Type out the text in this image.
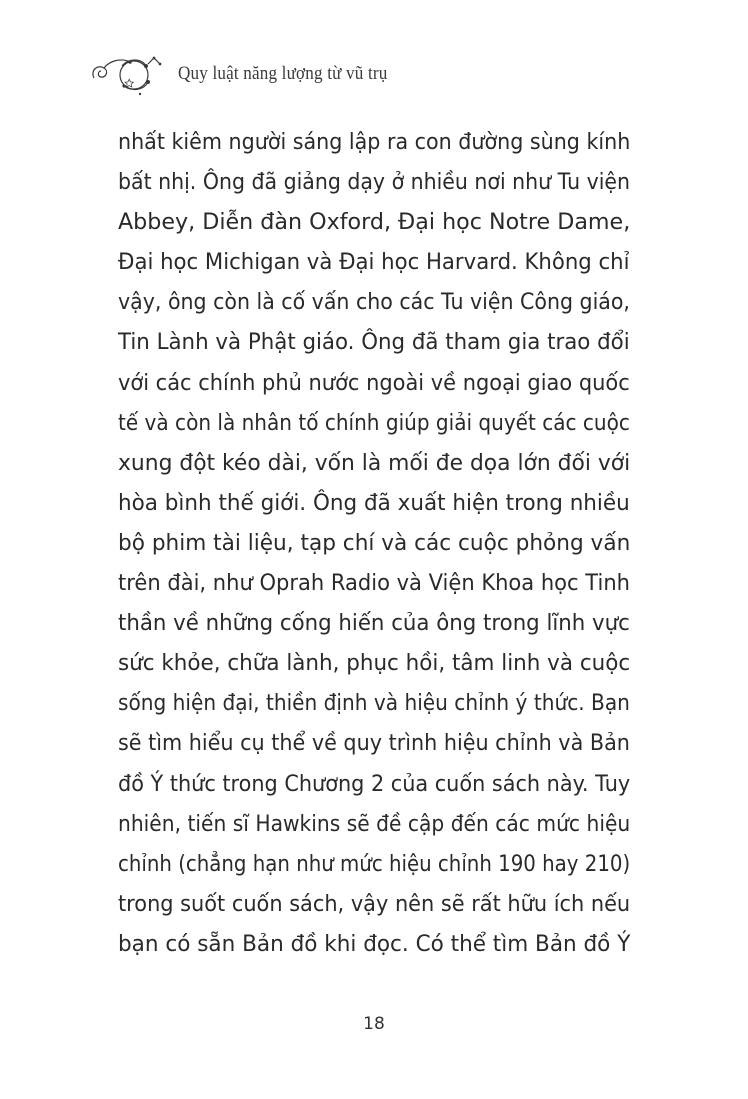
Quy luật năng lượng từ vũ trụ
nhất kiêm người sáng lập ra con đường sùng kính
bất nhị. Ông đã giảng dạy ở nhiều nơi như Tu viện
Abbey, Diễn đàn Oxford, Đại học Notre Dame,
Đại học Michigan và Đại học Harvard. Không chỉ
vậy, ông còn là cố vấn cho các Tu viện Công giáo,
Tin Lành và Phật giáo. Ông đã tham gia trao đổi
với các chính phủ nước ngoài về ngoại giao quốc
tế và còn là nhân tố chính giúp giải quyết các cuộc
xung đột kéo dài, vốn là mối đe dọa lớn đối với
hòa bình thế giới. Ông đã xuất hiện trong nhiều
bộ phim tài liệu, tạp chí và các cuộc phỏng vấn
trên đài, như Oprah Radio và Viện Khoa học Tinh
thần về những cống hiến của ông trong lĩnh vực
sức khỏe, chữa lành, phục hồi, tâm linh và cuộc
sống hiện đại, thiền định và hiệu chỉnh ý thức. Bạn
sẽ tìm hiểu cụ thể về quy trình hiệu chỉnh và Bản
đồ Ý thức trong Chương 2 của cuốn sách này. Tuy
nhiên, tiến sĩ Hawkins sẽ đề cập đến các mức hiệu
chỉnh (chẳng hạn như mức hiệu chỉnh 190 hay 210)
trong suốt cuốn sách, vậy nên sẽ rất hữu ích nếu
bạn có sẵn Bản đồ khi đọc. Có thể tìm Bản đồ Ý
18
